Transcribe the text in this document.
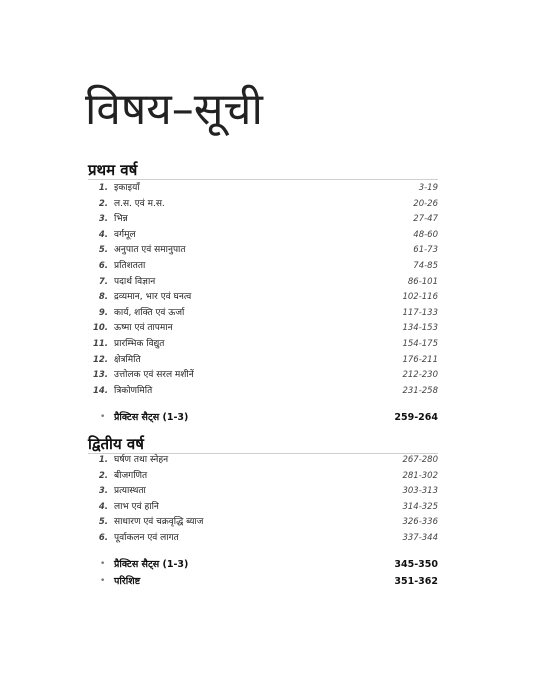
विषय–सूची
प्रथम वर्ष
1. इकाइयाँ	3-19
2. ल.स. एवं म.स.	20-26
3. भिन्न	27-47
4. वर्गमूल	48-60
5. अनुपात एवं समानुपात	61-73
6. प्रतिशतता	74-85
7. पदार्थ विज्ञान	86-101
8. द्रव्यमान, भार एवं घनत्व	102-116
9. कार्य, शक्ति एवं ऊर्जा	117-133
10. ऊष्मा एवं तापमान	134-153
11. प्रारम्भिक विद्युत	154-175
12. क्षेत्रमिति	176-211
13. उत्तोलक एवं सरल मशीनें	212-230
14. त्रिकोणमिति	231-258
• प्रैक्टिस सैट्स (1-3)	259-264
द्वितीय वर्ष
1. घर्षण तथा स्नेहन	267-280
2. बीजगणित	281-302
3. प्रत्यास्थता	303-313
4. लाभ एवं हानि	314-325
5. साधारण एवं चक्रवृद्धि ब्याज	326-336
6. पूर्वाकलन एवं लागत	337-344
• प्रैक्टिस सैट्स (1-3)	345-350
• परिशिष्ट	351-362
